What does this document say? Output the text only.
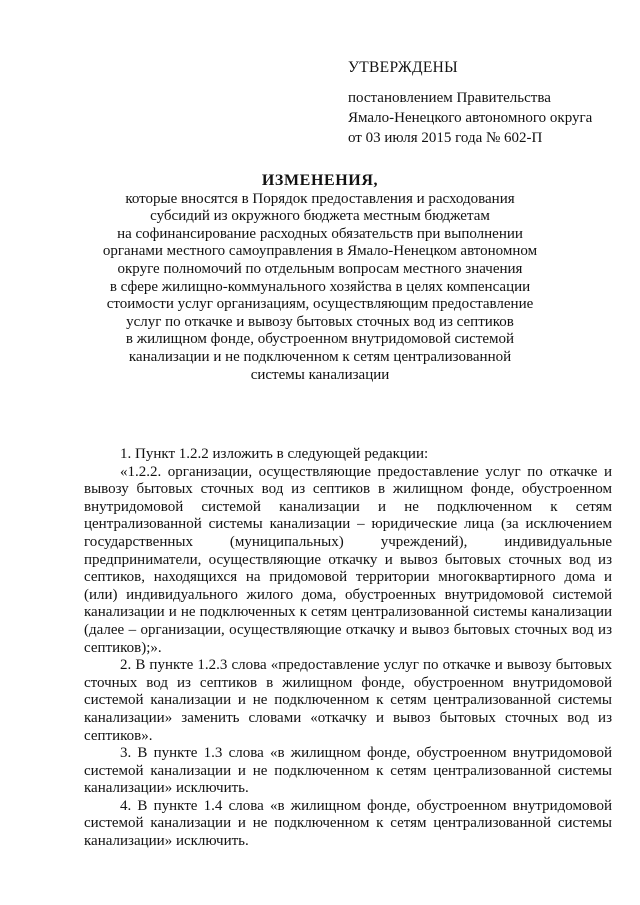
УТВЕРЖДЕНЫ
постановлением Правительства
Ямало-Ненецкого автономного округа
от 03 июля 2015 года № 602-П
ИЗМЕНЕНИЯ,
которые вносятся в Порядок предоставления и расходования
субсидий из окружного бюджета местным бюджетам
на софинансирование расходных обязательств при выполнении
органами местного самоуправления в Ямало-Ненецком автономном
округе полномочий по отдельным вопросам местного значения
в сфере жилищно-коммунального хозяйства в целях компенсации
стоимости услуг организациям, осуществляющим предоставление
услуг по откачке и вывозу бытовых сточных вод из септиков
в жилищном фонде, обустроенном внутридомовой системой
канализации и не подключенном к сетям централизованной
системы канализации

1. Пункт 1.2.2 изложить в следующей редакции:

«1.2.2. организации, осуществляющие предоставление услуг по откачке и вывозу бытовых сточных вод из септиков в жилищном фонде, обустроенном внутридомовой системой канализации и не подключенном к сетям централизованной системы канализации – юридические лица (за исключением государственных (муниципальных) учреждений), индивидуальные предприниматели, осуществляющие откачку и вывоз бытовых сточных вод из септиков, находящихся на придомовой территории многоквартирного дома и (или) индивидуального жилого дома, обустроенных внутридомовой системой канализации и не подключенных к сетям централизованной системы канализации (далее – организации, осуществляющие откачку и вывоз бытовых сточных вод из септиков);».

2. В пункте 1.2.3 слова «предоставление услуг по откачке и вывозу бытовых сточных вод из септиков в жилищном фонде, обустроенном внутридомовой системой канализации и не подключенном к сетям централизованной системы канализации» заменить словами «откачку и вывоз бытовых сточных вод из септиков».

3. В пункте 1.3 слова «в жилищном фонде, обустроенном внутридомовой системой канализации и не подключенном к сетям централизованной системы канализации» исключить.

4. В пункте 1.4 слова «в жилищном фонде, обустроенном внутридомовой системой канализации и не подключенном к сетям централизованной системы канализации» исключить.
